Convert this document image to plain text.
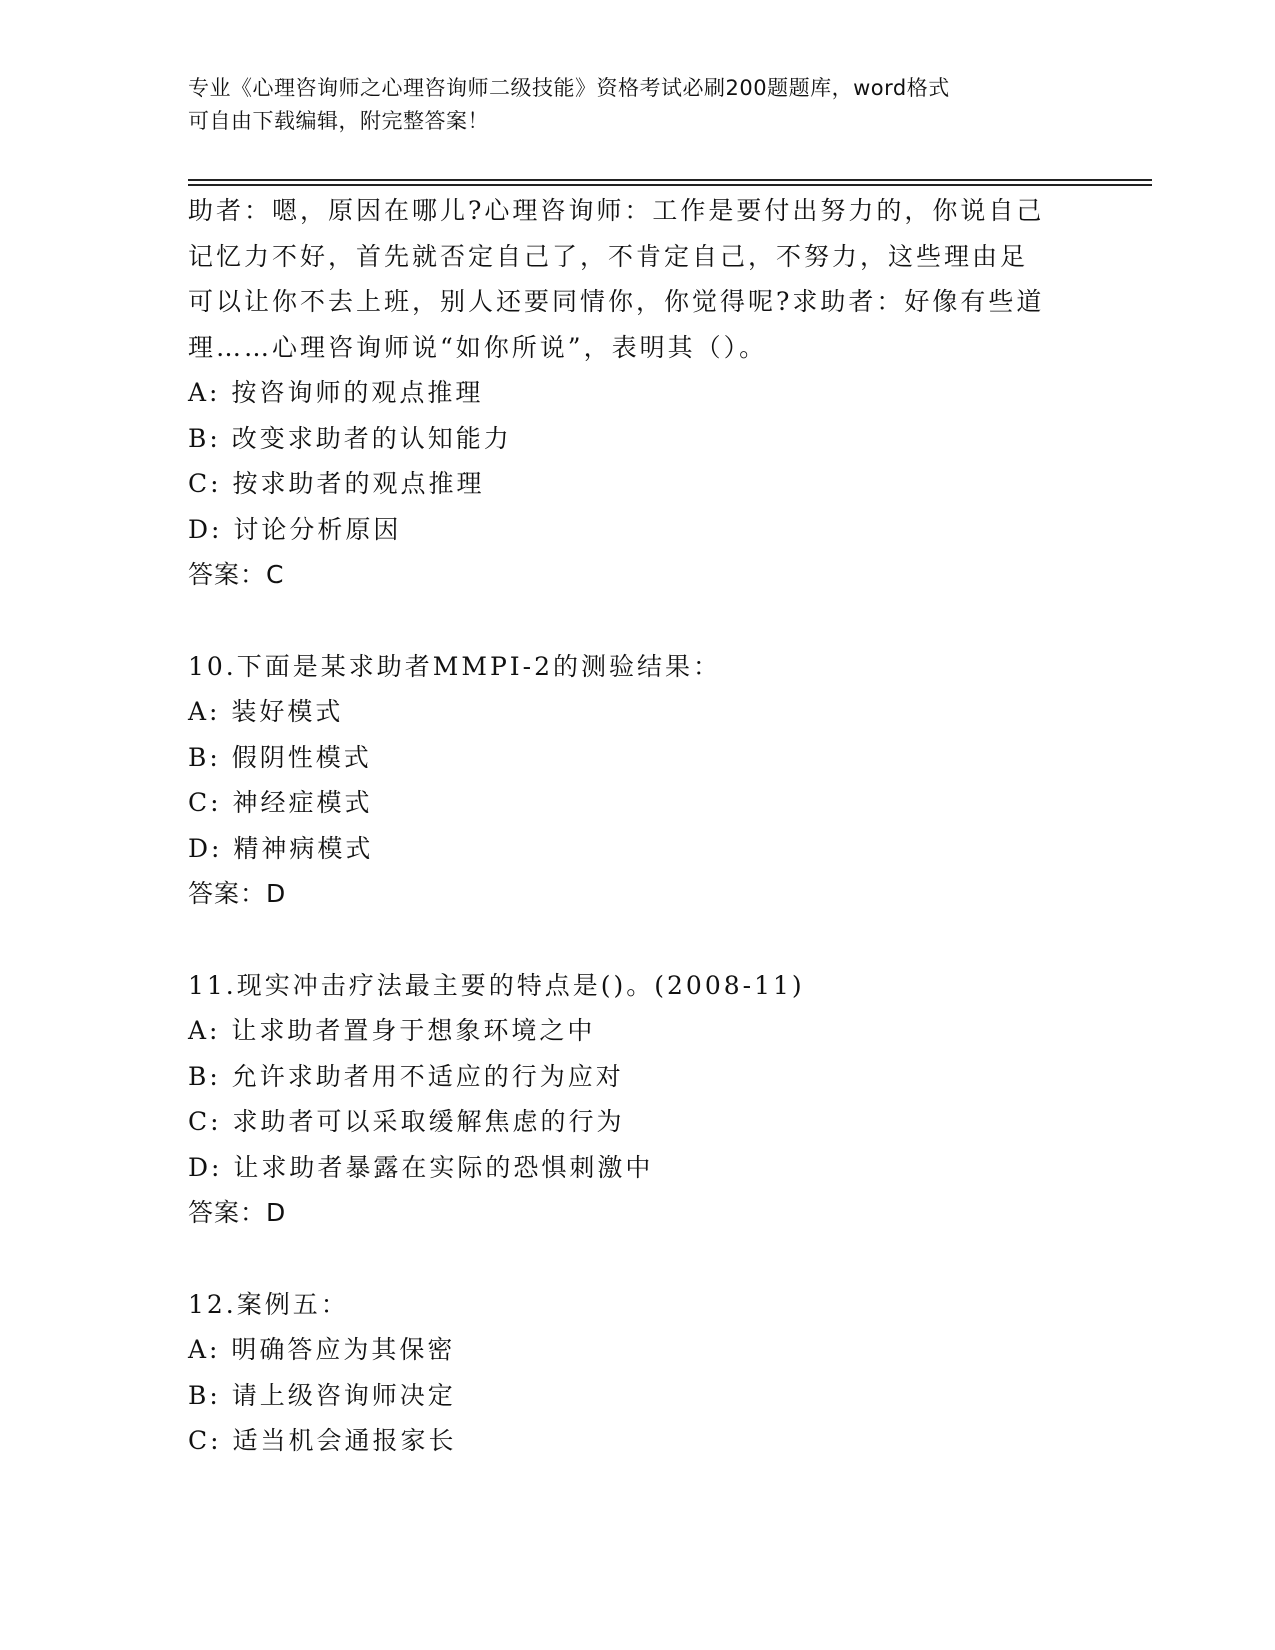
专业《心理咨询师之心理咨询师二级技能》资格考试必刷200题题库，word格式
可自由下载编辑，附完整答案！
助者：嗯，原因在哪儿?心理咨询师：工作是要付出努力的，你说自己
记忆力不好，首先就否定自己了，不肯定自己，不努力，这些理由足
可以让你不去上班，别人还要同情你，你觉得呢?求助者：好像有些道
理……心理咨询师说“如你所说”，表明其（）。
A: 按咨询师的观点推理
B: 改变求助者的认知能力
C: 按求助者的观点推理
D: 讨论分析原因
答案：C
10.下面是某求助者MMPI-2的测验结果：
A: 装好模式
B: 假阴性模式
C: 神经症模式
D: 精神病模式
答案：D
11.现实冲击疗法最主要的特点是()。(2008-11)
A: 让求助者置身于想象环境之中
B: 允许求助者用不适应的行为应对
C: 求助者可以采取缓解焦虑的行为
D: 让求助者暴露在实际的恐惧刺激中
答案：D
12.案例五：
A: 明确答应为其保密
B: 请上级咨询师决定
C: 适当机会通报家长
